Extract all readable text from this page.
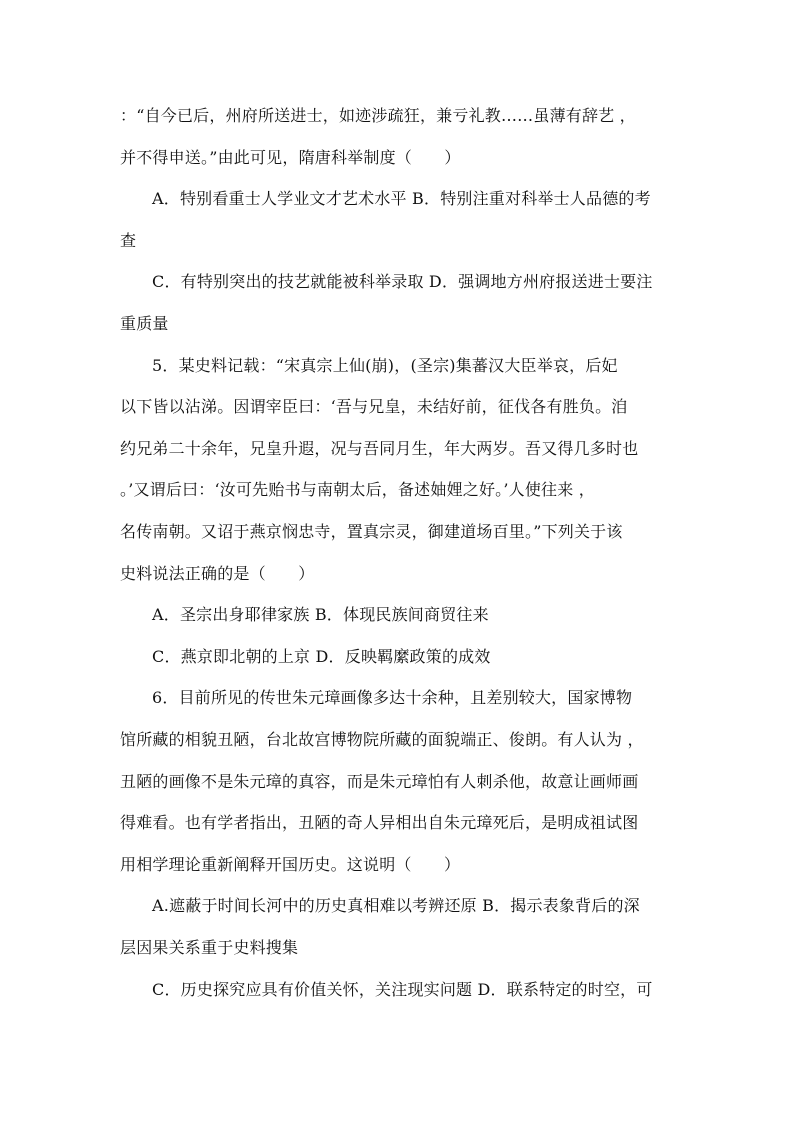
：“自今已后，州府所送进士，如迹涉疏狂，兼亏礼教……虽薄有辞艺 ，
并不得申送。”由此可见，隋唐科举制度（　　）
A．特别看重士人学业文才艺术水平 B．特别注重对科举士人品德的考
查
C．有特别突出的技艺就能被科举录取 D．强调地方州府报送进士要注
重质量
5．某史料记载：“宋真宗上仙(崩)，(圣宗)集蕃汉大臣举哀，后妃
以下皆以沾涕。因谓宰臣曰：‘吾与兄皇，未结好前，征伐各有胜负。洎
约兄弟二十余年，兄皇升遐，况与吾同月生，年大两岁。吾又得几多时也
。’又谓后曰：‘汝可先贻书与南朝太后，备述妯娌之好。’人使往来 ，
名传南朝。又诏于燕京悯忠寺，置真宗灵，御建道场百里。”下列关于该
史料说法正确的是（　　）
A．圣宗出身耶律家族 B．体现民族间商贸往来
C．燕京即北朝的上京 D．反映羁縻政策的成效
6．目前所见的传世朱元璋画像多达十余种，且差别较大，国家博物
馆所藏的相貌丑陋，台北故宫博物院所藏的面貌端正、俊朗。有人认为 ，
丑陋的画像不是朱元璋的真容，而是朱元璋怕有人刺杀他，故意让画师画
得难看。也有学者指出，丑陋的奇人异相出自朱元璋死后，是明成祖试图
用相学理论重新阐释开国历史。这说明（　　）
A.遮蔽于时间长河中的历史真相难以考辨还原 B．揭示表象背后的深
层因果关系重于史料搜集
C．历史探究应具有价值关怀，关注现实问题 D．联系特定的时空，可
